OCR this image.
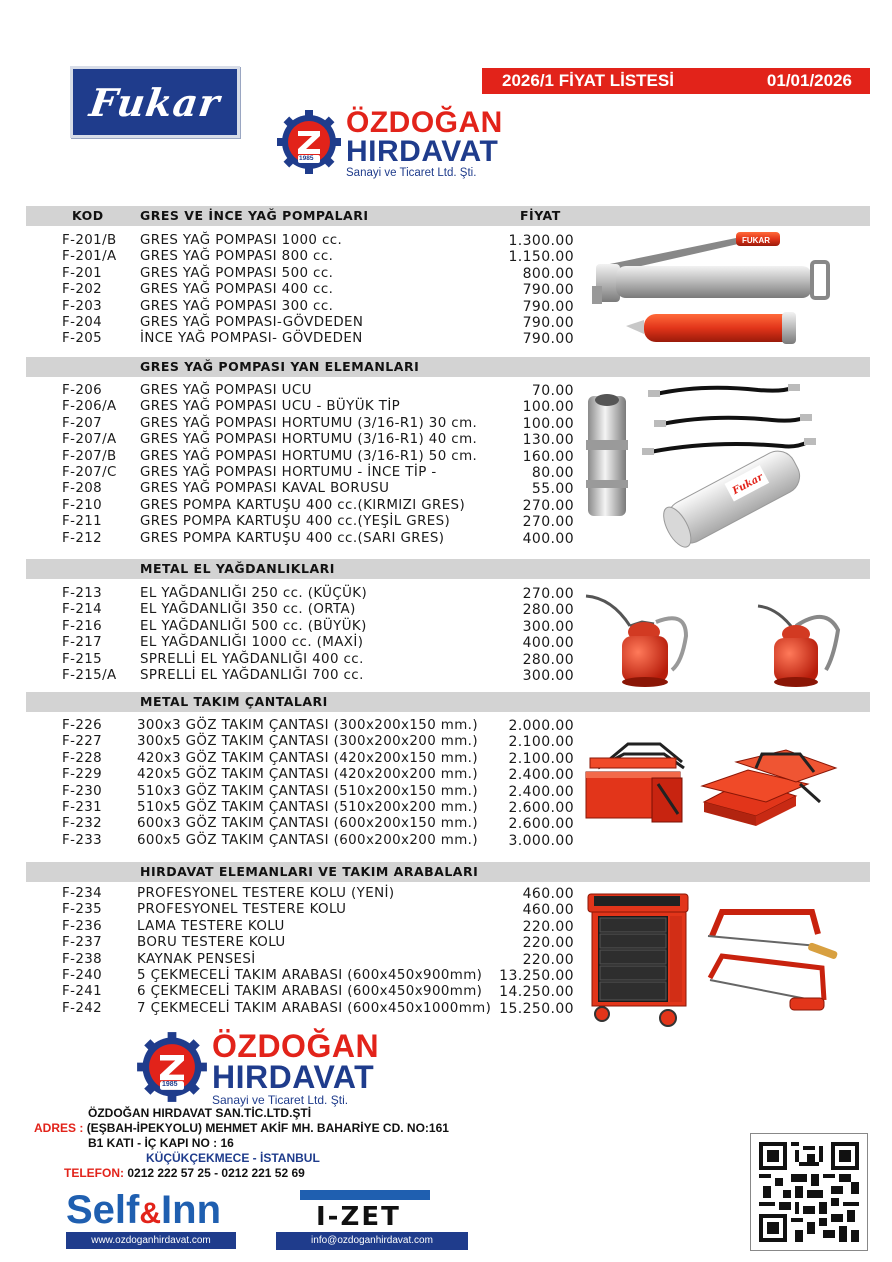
Fukar	2026/1 FİYAT LİSTESİ	01/01/2026
1985
ÖZDOĞAN
HIRDAVAT
Sanayi ve Ticaret Ltd. Şti.
KOD	GRES VE İNCE YAĞ POMPALARI	FİYAT
F-201/B GRES YAĞ POMPASI 1000 cc.	1.300.00
F-201/A GRES YAĞ POMPASI 800 cc.	1.150.00
F-201	GRES YAĞ POMPASI 500 cc.	800.00
F-202	GRES YAĞ POMPASI 400 cc.	790.00
F-203	GRES YAĞ POMPASI 300 cc.	790.00
F-204	GRES YAĞ POMPASI-GÖVDEDEN	790.00
F-205	İNCE YAĞ POMPASI- GÖVDEDEN	790.00
FUKAR
GRES YAĞ POMPASI YAN ELEMANLARI
F-206	GRES YAĞ POMPASI UCU	70.00
F-206/A GRES YAĞ POMPASI UCU - BÜYÜK TİP	100.00
F-207	GRES YAĞ POMPASI HORTUMU (3/16-R1) 30 cm.	100.00
F-207/A GRES YAĞ POMPASI HORTUMU (3/16-R1) 40 cm.	130.00
F-207/B GRES YAĞ POMPASI HORTUMU (3/16-R1) 50 cm.	160.00
F-207/C GRES YAĞ POMPASI HORTUMU - İNCE TİP -	80.00
F-208	GRES YAĞ POMPASI KAVAL BORUSU	55.00
F-210	GRES POMPA KARTUŞU 400 cc.(KIRMIZI GRES)	270.00
F-211	GRES POMPA KARTUŞU 400 cc.(YEŞİL GRES)	270.00
F-212	GRES POMPA KARTUŞU 400 cc.(SARI GRES)	400.00
Fukar
METAL EL YAĞDANLIKLARI
F-213	EL YAĞDANLIĞI 250 cc. (KÜÇÜK)	270.00
F-214	EL YAĞDANLIĞI 350 cc. (ORTA)	280.00
F-216	EL YAĞDANLIĞI 500 cc. (BÜYÜK)	300.00
F-217	EL YAĞDANLIĞI 1000 cc. (MAXİ)	400.00
F-215	SPRELLİ EL YAĞDANLIĞI 400 cc.	280.00
F-215/A SPRELLİ EL YAĞDANLIĞI 700 cc.	300.00
METAL TAKIM ÇANTALARI
F-226	300x3 GÖZ TAKIM ÇANTASI (300x200x150 mm.) 2.000.00
F-227	300x5 GÖZ TAKIM ÇANTASI (300x200x200 mm.) 2.100.00
F-228	420x3 GÖZ TAKIM ÇANTASI (420x200x150 mm.) 2.100.00
F-229	420x5 GÖZ TAKIM ÇANTASI (420x200x200 mm.) 2.400.00
F-230	510x3 GÖZ TAKIM ÇANTASI (510x200x150 mm.) 2.400.00
F-231	510x5 GÖZ TAKIM ÇANTASI (510x200x200 mm.) 2.600.00
F-232	600x3 GÖZ TAKIM ÇANTASI (600x200x150 mm.) 2.600.00
F-233	600x5 GÖZ TAKIM ÇANTASI (600x200x200 mm.) 3.000.00
HIRDAVAT ELEMANLARI VE TAKIM ARABALARI
F-234	PROFESYONEL TESTERE KOLU (YENİ)	460.00
F-235	PROFESYONEL TESTERE KOLU	460.00
F-236	LAMA TESTERE KOLU	220.00
F-237	BORU TESTERE KOLU	220.00
F-238	KAYNAK PENSESİ	220.00
F-240	5 ÇEKMECELİ TAKIM ARABASI (600x450x900mm) 13.250.00
F-241	6 ÇEKMECELİ TAKIM ARABASI (600x450x900mm) 14.250.00
F-242	7 ÇEKMECELİ TAKIM ARABASI (600x450x1000mm) 15.250.00
1985
ÖZDOĞAN
HIRDAVAT
Sanayi ve Ticaret Ltd. Şti.
ÖZDOĞAN HIRDAVAT SAN.TİC.LTD.ŞTİ
ADRES : (EŞBAH-İPEKYOLU) MEHMET AKİF MH. BAHARİYE CD. NO:161
B1 KATI - İÇ KAPI NO : 16
KÜÇÜKÇEKMECE - İSTANBUL
TELEFON: 0212 222 57 25 - 0212 221 52 69
Self&Inn
www.ozdoganhirdavat.com
I-ZET
info@ozdoganhirdavat.com
